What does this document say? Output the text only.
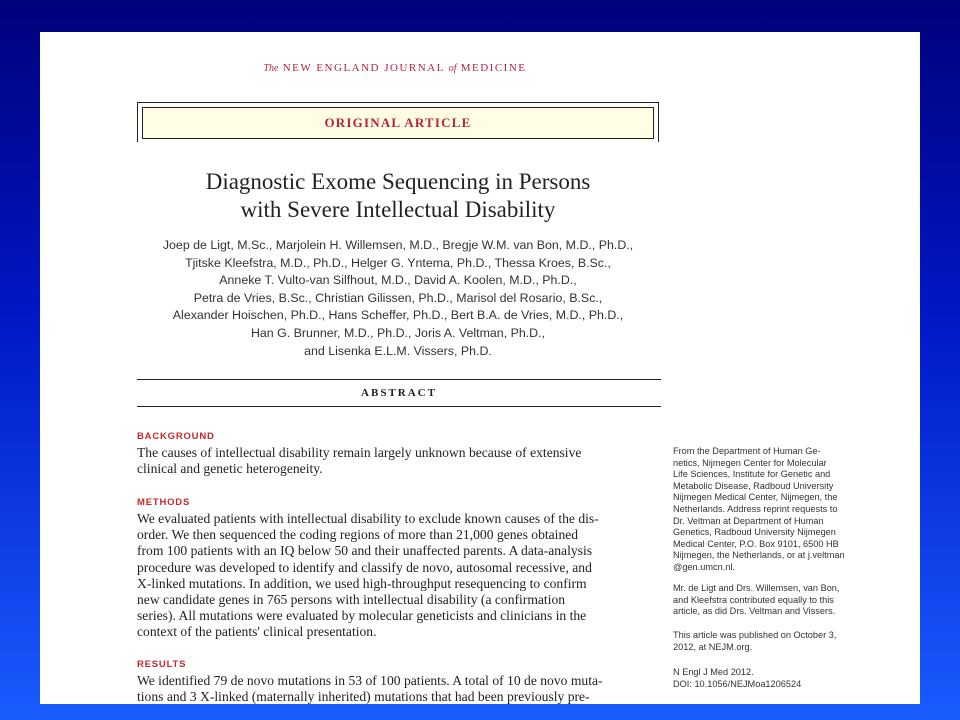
The NEW ENGLAND JOURNAL of MEDICINE
ORIGINAL ARTICLE
Diagnostic Exome Sequencing in Persons
with Severe Intellectual Disability
Joep de Ligt, M.Sc., Marjolein H. Willemsen, M.D., Bregje W.M. van Bon, M.D., Ph.D.,
Tjitske Kleefstra, M.D., Ph.D., Helger G. Yntema, Ph.D., Thessa Kroes, B.Sc.,
Anneke T. Vulto-van Silfhout, M.D., David A. Koolen, M.D., Ph.D.,
Petra de Vries, B.Sc., Christian Gilissen, Ph.D., Marisol del Rosario, B.Sc.,
Alexander Hoischen, Ph.D., Hans Scheffer, Ph.D., Bert B.A. de Vries, M.D., Ph.D.,
Han G. Brunner, M.D., Ph.D., Joris A. Veltman, Ph.D.,
and Lisenka E.L.M. Vissers, Ph.D.
ABSTRACT
BACKGROUND
The causes of intellectual disability remain largely unknown because of extensive
clinical and genetic heterogeneity.
METHODS
We evaluated patients with intellectual disability to exclude known causes of the dis-
order. We then sequenced the coding regions of more than 21,000 genes obtained
from 100 patients with an IQ below 50 and their unaffected parents. A data-analysis
procedure was developed to identify and classify de novo, autosomal recessive, and
X-linked mutations. In addition, we used high-throughput resequencing to confirm
new candidate genes in 765 persons with intellectual disability (a confirmation
series). All mutations were evaluated by molecular geneticists and clinicians in the
context of the patients' clinical presentation.
RESULTS
We identified 79 de novo mutations in 53 of 100 patients. A total of 10 de novo muta-
tions and 3 X-linked (maternally inherited) mutations that had been previously pre-
From the Department of Human Ge-
netics, Nijmegen Center for Molecular
Life Sciences, Institute for Genetic and
Metabolic Disease, Radboud University
Nijmegen Medical Center, Nijmegen, the
Netherlands. Address reprint requests to
Dr. Veltman at Department of Human
Genetics, Radboud University Nijmegen
Medical Center, P.O. Box 9101, 6500 HB
Nijmegen, the Netherlands, or at j.veltman
@gen.umcn.nl.
Mr. de Ligt and Drs. Willemsen, van Bon,
and Kleefstra contributed equally to this
article, as did Drs. Veltman and Vissers.
This article was published on October 3,
2012, at NEJM.org.
N Engl J Med 2012.
DOI: 10.1056/NEJMoa1206524
